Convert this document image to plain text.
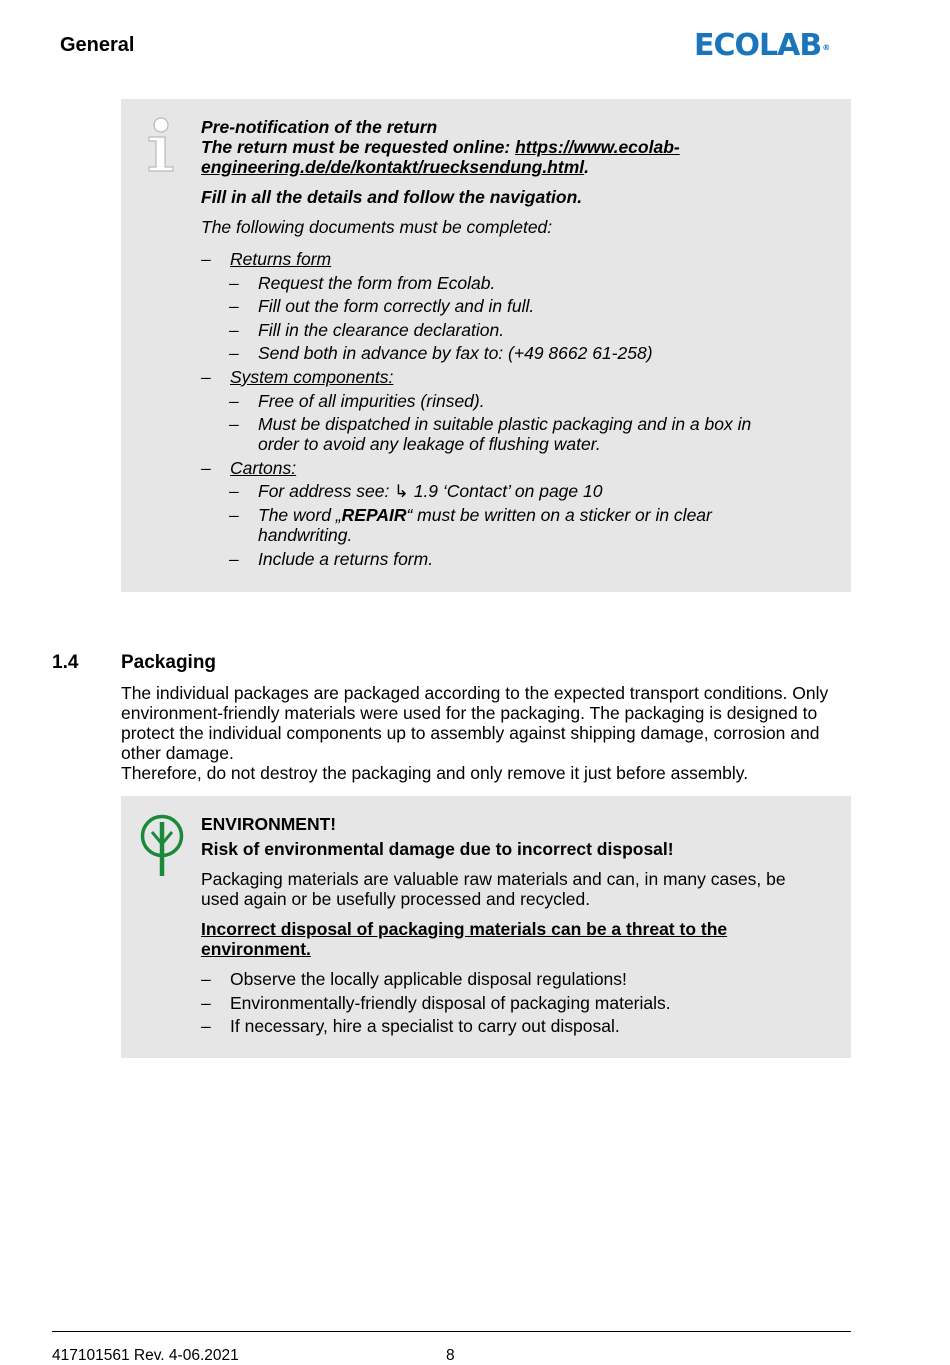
General	ECOLAB®

Pre-notification of the return

The return must be requested online: https://www.ecolab-
engineering.de/de/kontakt/ruecksendung.html.

Fill in all the details and follow the navigation.

The following documents must be completed:

– Returns form

– Request the form from Ecolab.

– Fill out the form correctly and in full.

– Fill in the clearance declaration.

– Send both in advance by fax to: (+49 8662 61-258)

– System components:

– Free of all impurities (rinsed).

– Must be dispatched in suitable plastic packaging and in a box in order to avoid any leakage of flushing water.

– Cartons:

– For address see: ↳ 1.9 ‘Contact’ on page 10

– The word „REPAIR“ must be written on a sticker or in clear handwriting.

– Include a returns form.

1.4 Packaging

The individual packages are packaged according to the expected transport conditions. Only environment-friendly materials were used for the packaging. The packaging is designed to protect the individual components up to assembly against shipping damage, corrosion and other damage.

Therefore, do not destroy the packaging and only remove it just before assembly.

ENVIRONMENT!

Risk of environmental damage due to incorrect disposal!

Packaging materials are valuable raw materials and can, in many cases, be used again or be usefully processed and recycled.

Incorrect disposal of packaging materials can be a threat to the environment.

– Observe the locally applicable disposal regulations!

– Environmentally-friendly disposal of packaging materials.

– If necessary, hire a specialist to carry out disposal.

417101561 Rev. 4-06.2021	8
